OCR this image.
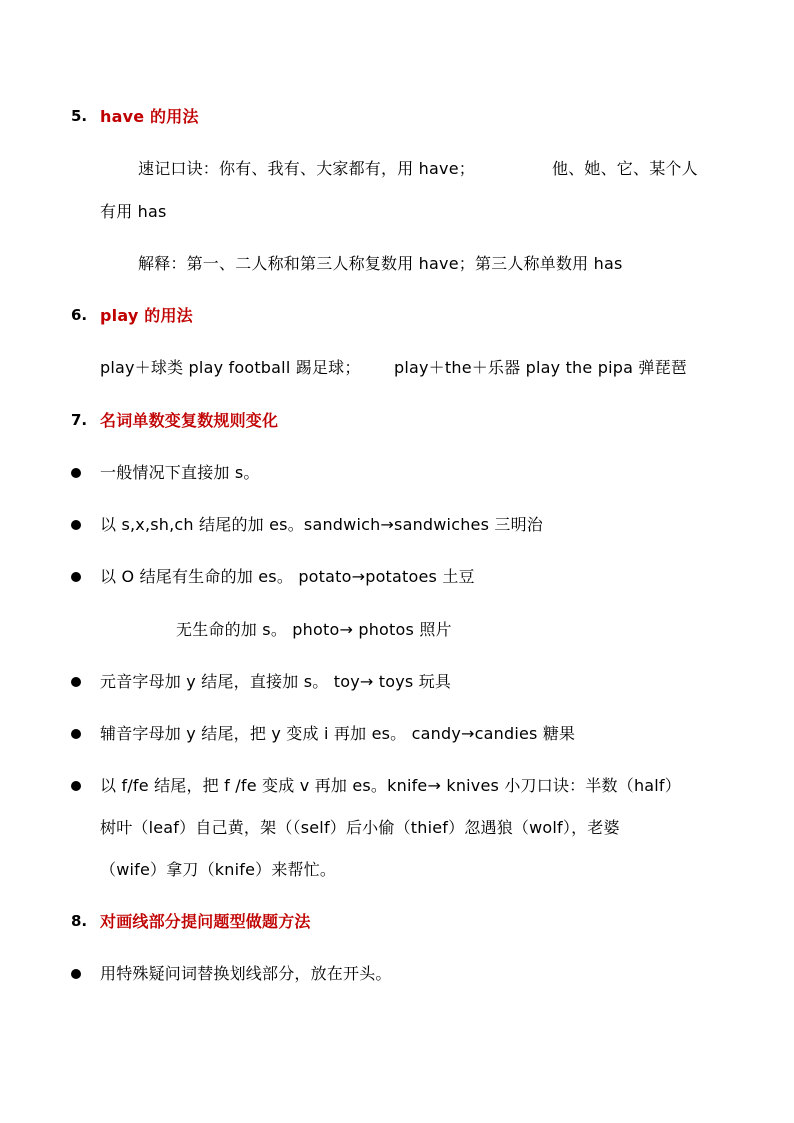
5. have 的用法
速记口诀：你有、我有、大家都有，用 have；	他、她、它、某个人
有用 has
解释：第一、二人称和第三人称复数用 have；第三人称单数用 has
6. play 的用法
play＋球类 play football 踢足球； play＋the＋乐器 play the pipa 弹琵琶
7. 名词单数变复数规则变化
一般情况下直接加 s。
以 s,x,sh,ch 结尾的加 es。sandwich→sandwiches 三明治
以 O 结尾有生命的加 es。 potato→potatoes 土豆
无生命的加 s。 photo→ photos 照片
元音字母加 y 结尾，直接加 s。 toy→ toys 玩具
辅音字母加 y 结尾，把 y 变成 i 再加 es。 candy→candies 糖果
以 f/fe 结尾，把 f /fe 变成 v 再加 es。knife→ knives 小刀口诀：半数（half）
树叶（leaf）自己黄，架（（self）后小偷（thief）忽遇狼（wolf），老婆
（wife）拿刀（knife）来帮忙。
8. 对画线部分提问题型做题方法
用特殊疑问词替换划线部分，放在开头。
